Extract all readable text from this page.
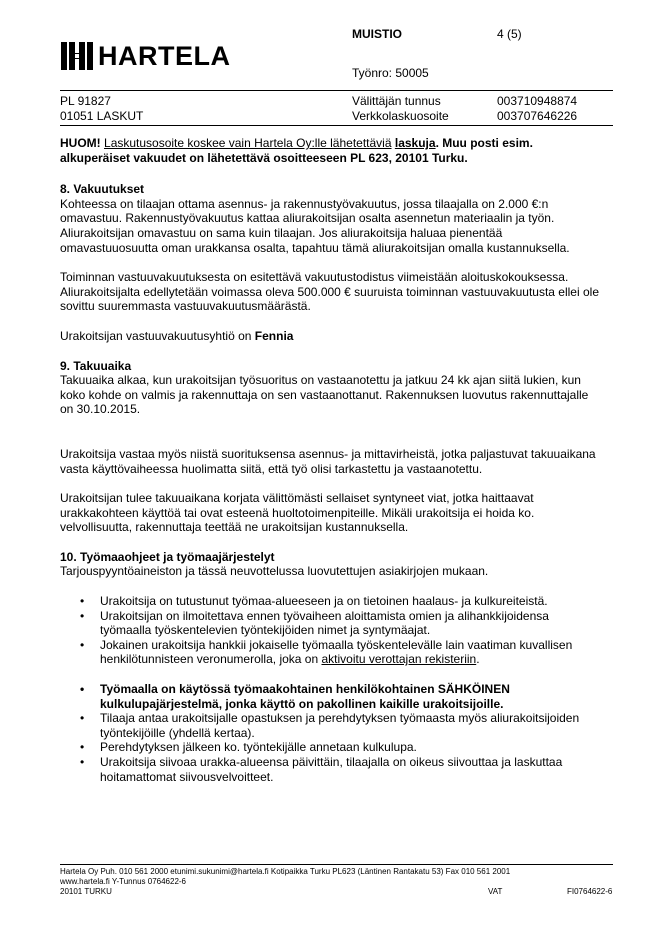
HARTELA
MUISTIO	4 (5)
Työnro: 50005
PL 91827
01051 LASKUT
Välittäjän tunnus	003710948874
Verkkolaskuosoite	003707646226

HUOM! Laskutusosoite koskee vain Hartela Oy:lle lähetettäviä laskuja. Muu posti esim.
alkuperäiset vakuudet on lähetettävä osoitteeseen PL 623, 20101 Turku.

8. Vakuutukset

Kohteessa on tilaajan ottama asennus- ja rakennustyövakuutus, jossa tilaajalla on 2.000 €:n
omavastuu. Rakennustyövakuutus kattaa aliurakoitsijan osalta asennetun materiaalin ja työn.
Aliurakoitsijan omavastuu on sama kuin tilaajan. Jos aliurakoitsija haluaa pienentää
omavastuuosuutta oman urakkansa osalta, tapahtuu tämä aliurakoitsijan omalla kustannuksella.

Toiminnan vastuuvakuutuksesta on esitettävä vakuutustodistus viimeistään aloituskokouksessa.
Aliurakoitsijalta edellytetään voimassa oleva 500.000 € suuruista toiminnan vastuuvakuutusta ellei ole
sovittu suuremmasta vastuuvakuutusmäärästä.

Urakoitsijan vastuuvakuutusyhtiö on Fennia

9. Takuuaika

Takuuaika alkaa, kun urakoitsijan työsuoritus on vastaanotettu ja jatkuu 24 kk ajan siitä lukien, kun
koko kohde on valmis ja rakennuttaja on sen vastaanottanut. Rakennuksen luovutus rakennuttajalle
on 30.10.2015.

Urakoitsija vastaa myös niistä suorituksensa asennus- ja mittavirheistä, jotka paljastuvat takuuaikana
vasta käyttövaiheessa huolimatta siitä, että työ olisi tarkastettu ja vastaanotettu.

Urakoitsijan tulee takuuaikana korjata välittömästi sellaiset syntyneet viat, jotka haittaavat
urakkakohteen käyttöä tai ovat esteenä huoltotoimenpiteille. Mikäli urakoitsija ei hoida ko.
velvollisuutta, rakennuttaja teettää ne urakoitsijan kustannuksella.

10. Työmaaohjeet ja työmaajärjestelyt

Tarjouspyyntöaineiston ja tässä neuvottelussa luovutettujen asiakirjojen mukaan.

• Urakoitsija on tutustunut työmaa-alueeseen ja on tietoinen haalaus- ja kulkureiteistä.
• Urakoitsijan on ilmoitettava ennen työvaiheen aloittamista omien ja alihankkijoidensa
työmaalla työskentelevien työntekijöiden nimet ja syntymäajat.
• Jokainen urakoitsija hankkii jokaiselle työmaalla työskentelevälle lain vaatiman kuvallisen
henkilötunnisteen veronumerolla, joka on aktivoitu verottajan rekisteriin.
• Työmaalla on käytössä työmaakohtainen henkilökohtainen SÄHKÖINEN
kulkulupajärjestelmä, jonka käyttö on pakollinen kaikille urakoitsijoille.
• Tilaaja antaa urakoitsijalle opastuksen ja perehdytyksen työmaasta myös aliurakoitsijoiden
työntekijöille (yhdellä kertaa).
• Perehdytyksen jälkeen ko. työntekijälle annetaan kulkulupa.
• Urakoitsija siivoaa urakka-alueensa päivittäin, tilaajalla on oikeus siivouttaa ja laskuttaa
hoitamattomat siivousvelvoitteet.
Hartela Oy Puh. 010 561 2000 etunimi.sukunimi@hartela.fi Kotipaikka Turku PL623 (Läntinen Rantakatu 53) Fax 010 561 2001
www.hartela.fi Y-Tunnus 0764622-6
20101 TURKU	VAT	FI0764622-6
